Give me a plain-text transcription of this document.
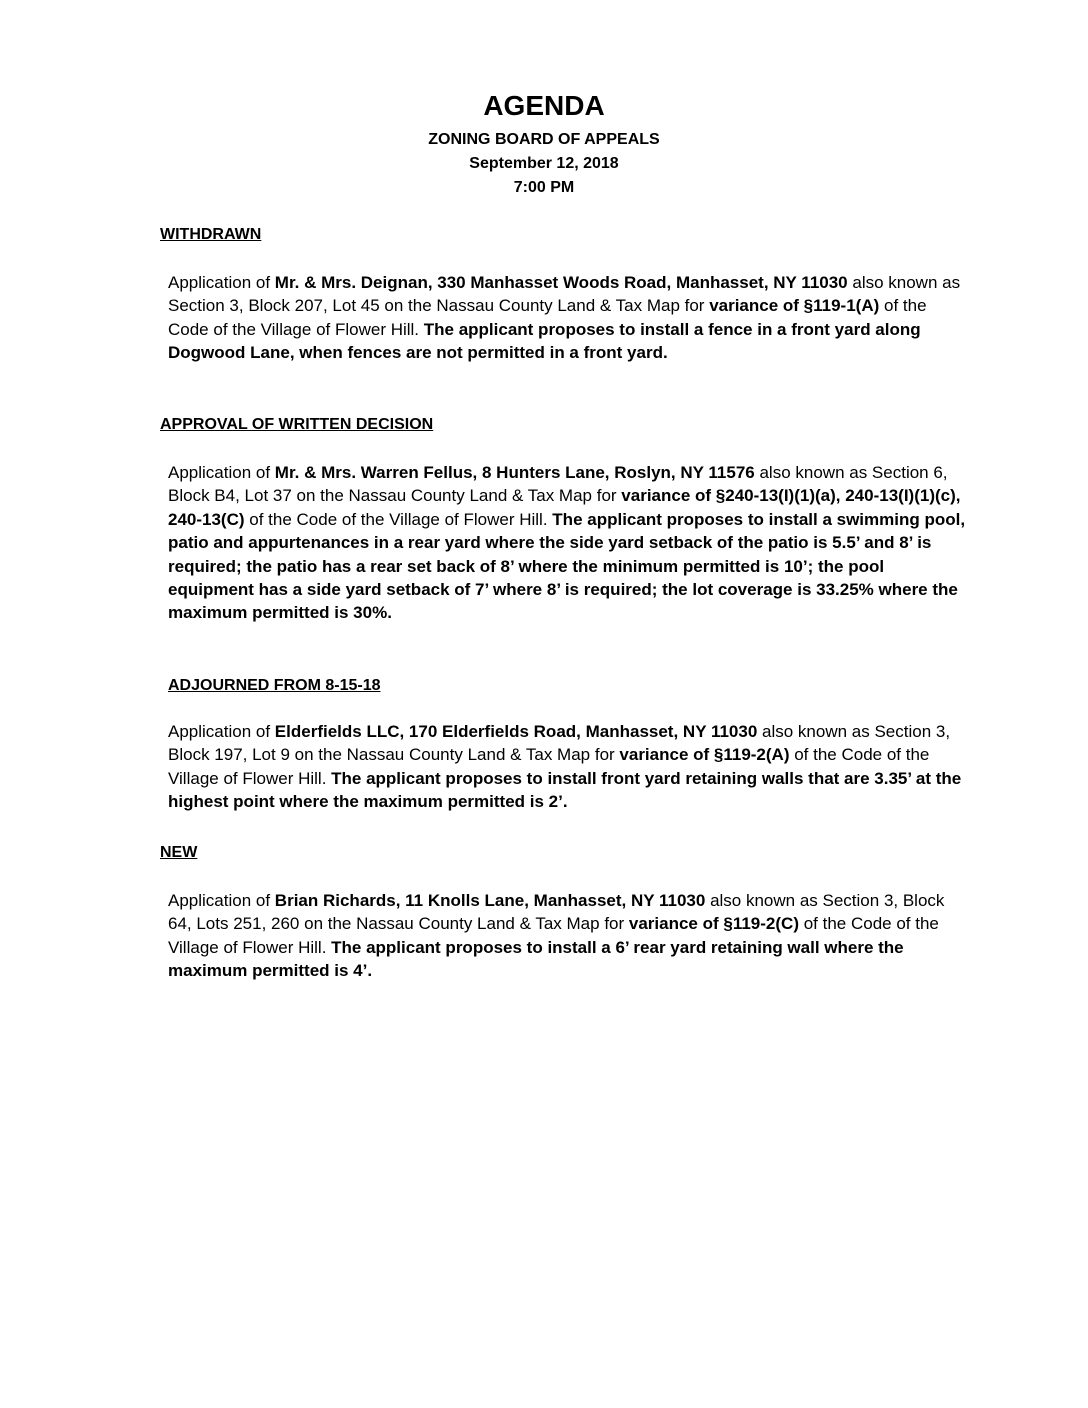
AGENDA
ZONING BOARD OF APPEALS
September 12, 2018
7:00 PM
WITHDRAWN

Application of Mr. & Mrs. Deignan, 330 Manhasset Woods Road, Manhasset, NY 11030 also known as Section 3, Block 207, Lot 45 on the Nassau County Land & Tax Map for variance of §119-1(A) of the Code of the Village of Flower Hill. The applicant proposes to install a fence in a front yard along Dogwood Lane, when fences are not permitted in a front yard.

APPROVAL OF WRITTEN DECISION

Application of Mr. & Mrs. Warren Fellus, 8 Hunters Lane, Roslyn, NY 11576 also known as Section 6, Block B4, Lot 37 on the Nassau County Land & Tax Map for variance of §240-13(I)(1)(a), 240-13(I)(1)(c), 240-13(C) of the Code of the Village of Flower Hill. The applicant proposes to install a swimming pool, patio and appurtenances in a rear yard where the side yard setback of the patio is 5.5’ and 8’ is required; the patio has a rear set back of 8’ where the minimum permitted is 10’; the pool equipment has a side yard setback of 7’ where 8’ is required; the lot coverage is 33.25% where the maximum permitted is 30%.

ADJOURNED FROM 8-15-18

Application of Elderfields LLC, 170 Elderfields Road, Manhasset, NY 11030 also known as Section 3, Block 197, Lot 9 on the Nassau County Land & Tax Map for variance of §119-2(A) of the Code of the Village of Flower Hill. The applicant proposes to install front yard retaining walls that are 3.35’ at the highest point where the maximum permitted is 2’.

NEW

Application of Brian Richards, 11 Knolls Lane, Manhasset, NY 11030 also known as Section 3, Block 64, Lots 251, 260 on the Nassau County Land & Tax Map for variance of §119-2(C) of the Code of the Village of Flower Hill. The applicant proposes to install a 6’ rear yard retaining wall where the maximum permitted is 4’.
